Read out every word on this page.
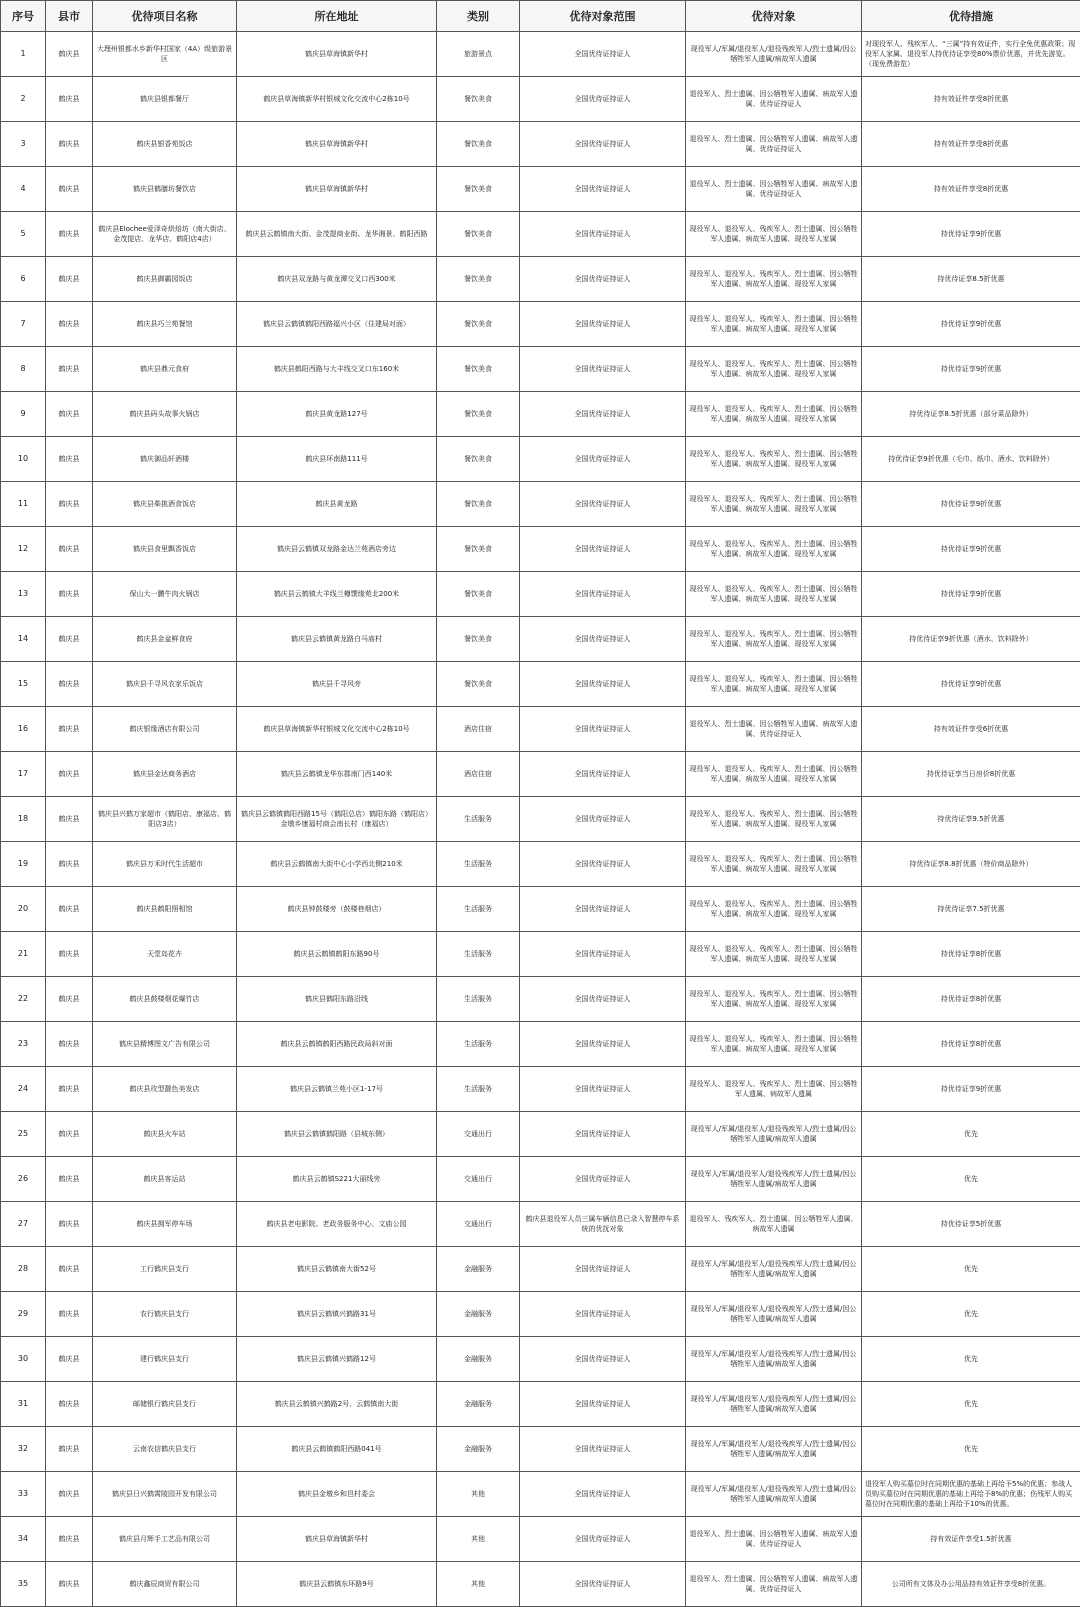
序号	县市	优待项目名称	所在地址	类别	优待对象范围	优待对象	优待措施
1	鹤庆县	大理州银都水乡新华村国家（4A）级旅游景区	鹤庆县草海镇新华村	旅游景点	全国优待证持证人	现役军人/军属/退役军人/退役残疾军人/烈士遗属/因公牺牲军人遗属/病故军人遗属	对现役军人、残疾军人、“三属”持有效证件，实行全免优惠政策；现役军人家属、退役军人持优待证享受80%票价优惠，并优先游览。（现免费游览）
2	鹤庆县	鹤庆县银都餐厅	鹤庆县草海镇新华村银城文化交流中心2栋10号	餐饮美食	全国优待证持证人	退役军人、烈士遗属、因公牺牲军人遗属、病故军人遗属、优待证持证人	持有效证件享受8折优惠
3	鹤庆县	鹤庆县银香苑饭店	鹤庆县草海镇新华村	餐饮美食	全国优待证持证人	退役军人、烈士遗属、因公牺牲军人遗属、病故军人遗属、优待证持证人	持有效证件享受8折优惠
4	鹤庆县	鹤庆县鹤膳坊餐饮店	鹤庆县草海镇新华村	餐饮美食	全国优待证持证人	退役军人、烈士遗属、因公牺牲军人遗属、病故军人遗属、优待证持证人	持有效证件享受8折优惠
5	鹤庆县	鹤庆县Elochee爱泽奇烘焙坊（南大街店、金茂提店、龙华店、鹤阳店4店）	鹤庆县云鹤镇南大街、金茂提商业街、龙华湘景、鹤阳西路	餐饮美食	全国优待证持证人	现役军人、退役军人、残疾军人、烈士遗属、因公牺牲军人遗属、病故军人遗属、现役军人家属	持优待证享9折优惠
6	鹤庆县	鹤庆县御霸园饭店	鹤庆县双龙路与黄龙潭交叉口西300米	餐饮美食	全国优待证持证人	现役军人、退役军人、残疾军人、烈士遗属、因公牺牲军人遗属、病故军人遗属、现役军人家属	持优待证享8.5折优惠
7	鹤庆县	鹤庆县巧兰苑餐馆	鹤庆县云鹤镇鹤阳西路福兴小区（住建局对面）	餐饮美食	全国优待证持证人	现役军人、退役军人、残疾军人、烈士遗属、因公牺牲军人遗属、病故军人遗属、现役军人家属	持优待证享9折优惠
8	鹤庆县	鹤庆县鼎元食府	鹤庆县鹤阳西路与大丰线交叉口东160米	餐饮美食	全国优待证持证人	现役军人、退役军人、残疾军人、烈士遗属、因公牺牲军人遗属、病故军人遗属、现役军人家属	持优待证享9折优惠
9	鹤庆县	鹤庆县码头故事火锅店	鹤庆县黄龙路127号	餐饮美食	全国优待证持证人	现役军人、退役军人、残疾军人、烈士遗属、因公牺牲军人遗属、病故军人遗属、现役军人家属	持优待证享8.5折优惠（部分菜品除外）
10	鹤庆县	鹤庆御品轩酒楼	鹤庆县环南路111号	餐饮美食	全国优待证持证人	现役军人、退役军人、残疾军人、烈士遗属、因公牺牲军人遗属、病故军人遗属、现役军人家属	持优待证享9折优惠（毛巾、纸巾、酒水、饮料除外）
11	鹤庆县	鹤庆县柴挑酒食饭店	鹤庆县黄龙路	餐饮美食	全国优待证持证人	现役军人、退役军人、残疾军人、烈士遗属、因公牺牲军人遗属、病故军人遗属、现役军人家属	持优待证享9折优惠
12	鹤庆县	鹤庆县食里飘香饭店	鹤庆县云鹤镇双龙路金达兰苑酒店旁边	餐饮美食	全国优待证持证人	现役军人、退役军人、残疾军人、烈士遗属、因公牺牲军人遗属、病故军人遗属、现役军人家属	持优待证享9折优惠
13	鹤庆县	保山大一鹏牛肉火锅店	鹤庆县云鹤镇大羊线兰樽馔缘苑北200米	餐饮美食	全国优待证持证人	现役军人、退役军人、残疾军人、烈士遗属、因公牺牲军人遗属、病故军人遗属、现役军人家属	持优待证享9折优惠
14	鹤庆县	鹤庆县金盆鲜食府	鹤庆县云鹤镇黄龙路白马庙村	餐饮美食	全国优待证持证人	现役军人、退役军人、残疾军人、烈士遗属、因公牺牲军人遗属、病故军人遗属、现役军人家属	持优待证享9折优惠（酒水、饮料除外）
15	鹤庆县	鹤庆县千寻风农家乐饭店	鹤庆县千寻风旁	餐饮美食	全国优待证持证人	现役军人、退役军人、残疾军人、烈士遗属、因公牺牲军人遗属、病故军人遗属、现役军人家属	持优待证享9折优惠
16	鹤庆县	鹤庆银缘酒店有限公司	鹤庆县草海镇新华村银城文化交流中心2栋10号	酒店住宿	全国优待证持证人	退役军人、烈士遗属、因公牺牲军人遗属、病故军人遗属、优待证持证人	持有效证件享受6折优惠
17	鹤庆县	鹤庆县金达商务酒店	鹤庆县云鹤镇龙华东郡南门西140米	酒店住宿	全国优待证持证人	现役军人、退役军人、残疾军人、烈士遗属、因公牺牲军人遗属、病故军人遗属、现役军人家属	持优待证享当日房价8折优惠
18	鹤庆县	鹤庆县兴鹤万家超市（鹤阳店、康福店、鹤阳店3店）	鹤庆县云鹤镇鹤阳西路15号（鹤阳总店）鹤阳东路（鹤阳店）金墩乡康福村商会南长村（康福店）	生活服务	全国优待证持证人	现役军人、退役军人、残疾军人、烈士遗属、因公牺牲军人遗属、病故军人遗属、现役军人家属	持优待证享9.5折优惠
19	鹤庆县	鹤庆县万禾时代生活超市	鹤庆县云鹤镇南大街中心小学西北侧210米	生活服务	全国优待证持证人	现役军人、退役军人、残疾军人、烈士遗属、因公牺牲军人遗属、病故军人遗属、现役军人家属	持优待证享8.8折优惠（特价商品除外）
20	鹤庆县	鹤庆县鹤阳照相馆	鹤庆县钟鼓楼旁（鼓楼巷烟店）	生活服务	全国优待证持证人	现役军人、退役军人、残疾军人、烈士遗属、因公牺牲军人遗属、病故军人遗属、现役军人家属	持优待证享7.5折优惠
21	鹤庆县	天堂岛花卉	鹤庆县云鹤镇鹤阳东路90号	生活服务	全国优待证持证人	现役军人、退役军人、残疾军人、烈士遗属、因公牺牲军人遗属、病故军人遗属、现役军人家属	持优待证享8折优惠
22	鹤庆县	鹤庆县鼓楼烟花爆竹店	鹤庆县鹤阳东路沿线	生活服务	全国优待证持证人	现役军人、退役军人、残疾军人、烈士遗属、因公牺牲军人遗属、病故军人遗属、现役军人家属	持优待证享8折优惠
23	鹤庆县	鹤庆县精博图文广告有限公司	鹤庆县云鹤镇鹤阳西路民政局斜对面	生活服务	全国优待证持证人	现役军人、退役军人、残疾军人、烈士遗属、因公牺牲军人遗属、病故军人遗属、现役军人家属	持优待证享8折优惠
24	鹤庆县	鹤庆县玫型靓色美发店	鹤庆县云鹤镇兰苑小区1-17号	生活服务	全国优待证持证人	现役军人、退役军人、残疾军人、烈士遗属、因公牺牲军人遗属、病故军人遗属	持优待证享9折优惠
25	鹤庆县	鹤庆县火车站	鹤庆县云鹤镇鹤阳路（县城东侧）	交通出行	全国优待证持证人	现役军人/军属/退役军人/退役残疾军人/烈士遗属/因公牺牲军人遗属/病故军人遗属	优先
26	鹤庆县	鹤庆县客运站	鹤庆县云鹤镇S221大丽线旁	交通出行	全国优待证持证人	现役军人/军属/退役军人/退役残疾军人/烈士遗属/因公牺牲军人遗属/病故军人遗属	优先
27	鹤庆县	鹤庆县拥军停车场	鹤庆县老电影院、老政务服务中心、文庙公园	交通出行	鹤庆县退役军人员三属车辆信息已录入智慧停车系统的优抚对象	退役军人、残疾军人、烈士遗属、因公牺牲军人遗属、病故军人遗属	持优待证享5折优惠
28	鹤庆县	工行鹤庆县支行	鹤庆县云鹤镇南大街52号	金融服务	全国优待证持证人	现役军人/军属/退役军人/退役残疾军人/烈士遗属/因公牺牲军人遗属/病故军人遗属	优先
29	鹤庆县	农行鹤庆县支行	鹤庆县云鹤镇兴鹤路31号	金融服务	全国优待证持证人	现役军人/军属/退役军人/退役残疾军人/烈士遗属/因公牺牲军人遗属/病故军人遗属	优先
30	鹤庆县	建行鹤庆县支行	鹤庆县云鹤镇兴鹤路12号	金融服务	全国优待证持证人	现役军人/军属/退役军人/退役残疾军人/烈士遗属/因公牺牲军人遗属/病故军人遗属	优先
31	鹤庆县	邮储银行鹤庆县支行	鹤庆县云鹤镇兴鹤路2号、云鹤镇南大街	金融服务	全国优待证持证人	现役军人/军属/退役军人/退役残疾军人/烈士遗属/因公牺牲军人遗属/病故军人遗属	优先
32	鹤庆县	云南农信鹤庆县支行	鹤庆县云鹤镇鹤阳西路041号	金融服务	全国优待证持证人	现役军人/军属/退役军人/退役残疾军人/烈士遗属/因公牺牲军人遗属/病故军人遗属	优先
33	鹤庆县	鹤庆县日兴鹤霄陵园开发有限公司	鹤庆县金墩乡和邑村委会	其他	全国优待证持证人	现役军人/军属/退役军人/退役残疾军人/烈士遗属/因公牺牲军人遗属/病故军人遗属	退役军人购买墓位时在同期优惠的基础上再给予5%的优惠；参战人员购买墓位时在同期优惠的基础上再给予8%的优惠；伤残军人购买墓位时在同期优惠的基础上再给予10%的优惠。
34	鹤庆县	鹤庆县月辉手工艺品有限公司	鹤庆县草海镇新华村	其他	全国优待证持证人	退役军人、烈士遗属、因公牺牲军人遗属、病故军人遗属、优待证持证人	持有效证件享受1.5折优惠
35	鹤庆县	鹤庆鑫辰商贸有限公司	鹤庆县云鹤镇东环路9号	其他	全国优待证持证人	退役军人、烈士遗属、因公牺牲军人遗属、病故军人遗属、优待证持证人	公司所有文体及办公用品持有效证件享受8折优惠。
